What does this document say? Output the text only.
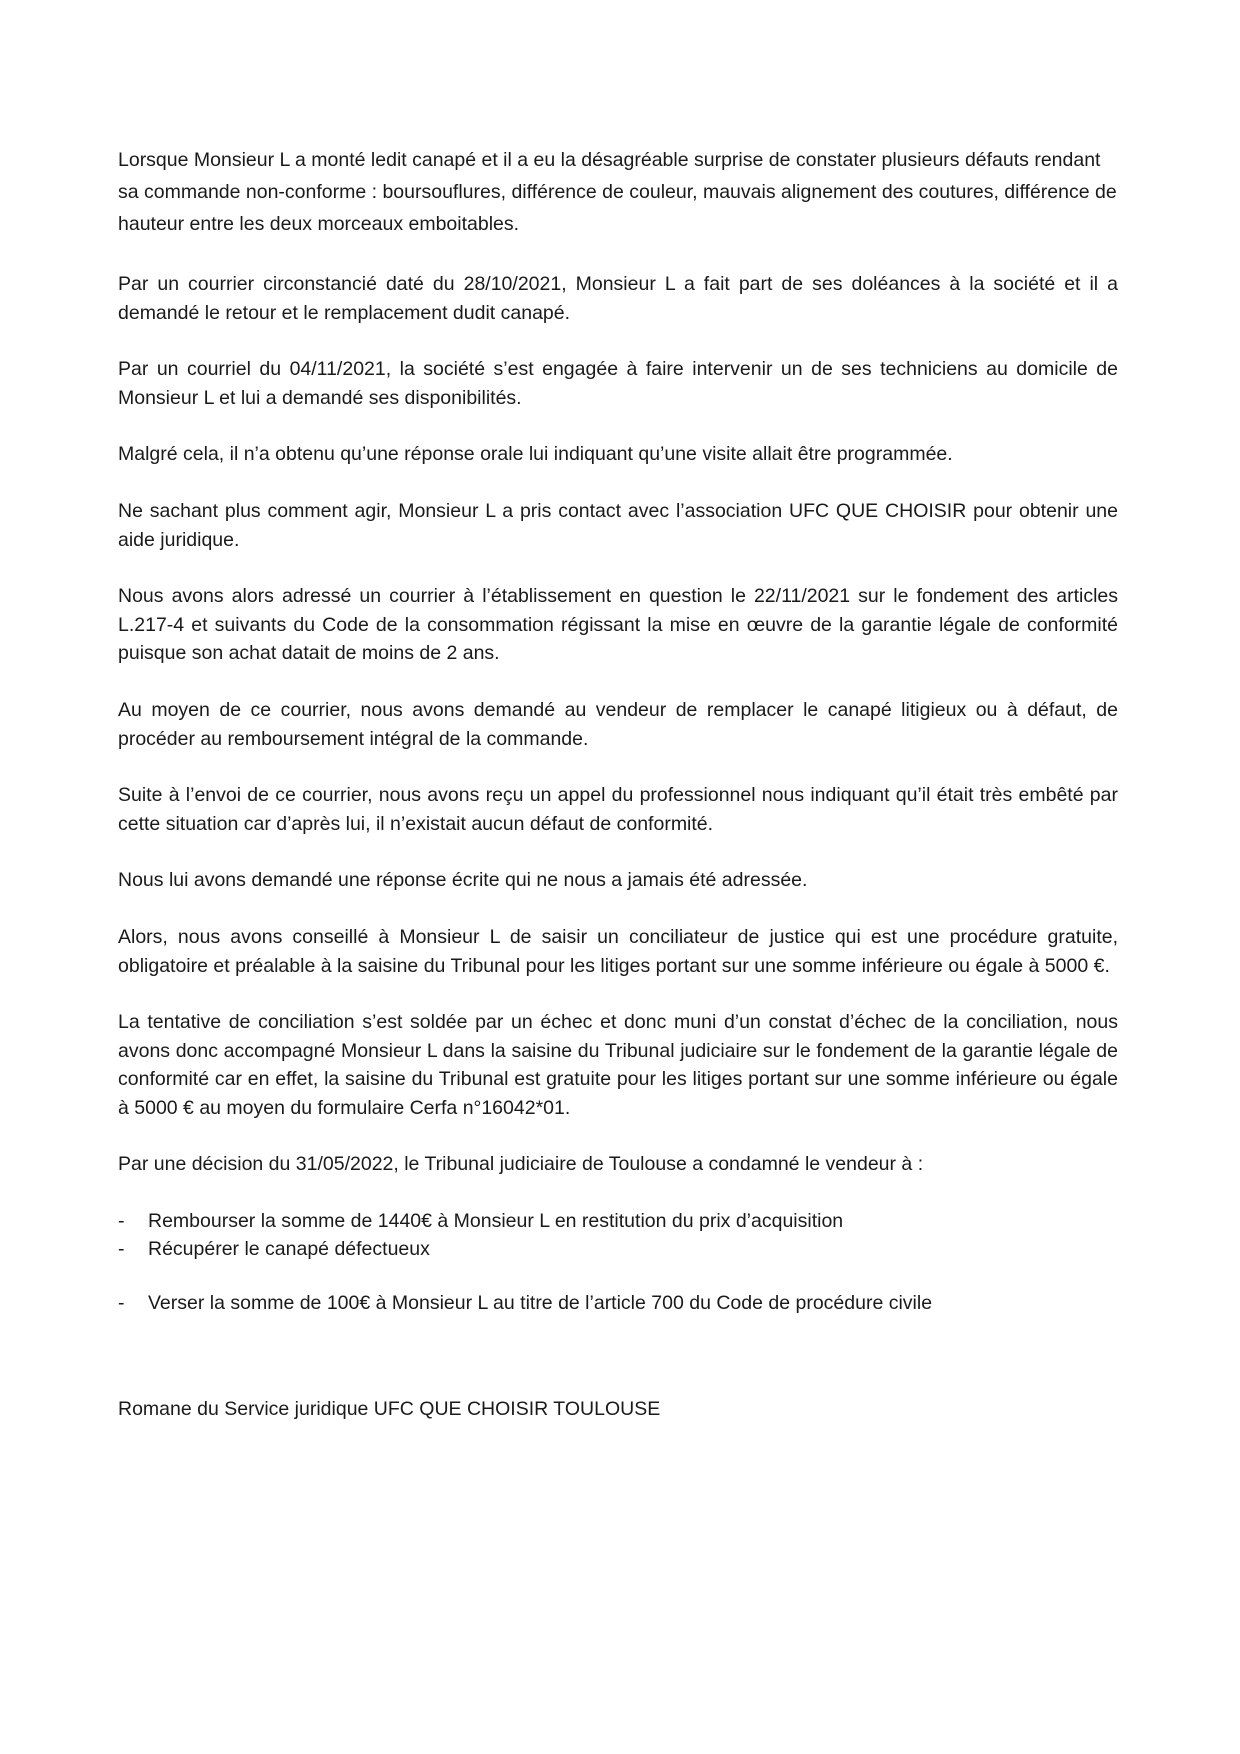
Lorsque Monsieur L a monté ledit canapé et il a eu la désagréable surprise de constater plusieurs défauts rendant sa commande non-conforme : boursouflures, différence de couleur, mauvais alignement des coutures, différence de hauteur entre les deux morceaux emboitables.

Par un courrier circonstancié daté du 28/10/2021, Monsieur L a fait part de ses doléances à la société et il a demandé le retour et le remplacement dudit canapé.

Par un courriel du 04/11/2021, la société s’est engagée à faire intervenir un de ses techniciens au domicile de Monsieur L et lui a demandé ses disponibilités.

Malgré cela, il n’a obtenu qu’une réponse orale lui indiquant qu’une visite allait être programmée.

Ne sachant plus comment agir, Monsieur L a pris contact avec l’association UFC QUE CHOISIR pour obtenir une aide juridique.

Nous avons alors adressé un courrier à l’établissement en question le 22/11/2021 sur le fondement des articles L.217-4 et suivants du Code de la consommation régissant la mise en œuvre de la garantie légale de conformité puisque son achat datait de moins de 2 ans.

Au moyen de ce courrier, nous avons demandé au vendeur de remplacer le canapé litigieux ou à défaut, de procéder au remboursement intégral de la commande.

Suite à l’envoi de ce courrier, nous avons reçu un appel du professionnel nous indiquant qu’il était très embêté par cette situation car d’après lui, il n’existait aucun défaut de conformité.

Nous lui avons demandé une réponse écrite qui ne nous a jamais été adressée.

Alors, nous avons conseillé à Monsieur L de saisir un conciliateur de justice qui est une procédure gratuite, obligatoire et préalable à la saisine du Tribunal pour les litiges portant sur une somme inférieure ou égale à 5000 €.

La tentative de conciliation s’est soldée par un échec et donc muni d’un constat d’échec de la conciliation, nous avons donc accompagné Monsieur L dans la saisine du Tribunal judiciaire sur le fondement de la garantie légale de conformité car en effet, la saisine du Tribunal est gratuite pour les litiges portant sur une somme inférieure ou égale à 5000 € au moyen du formulaire Cerfa n°16042*01.

Par une décision du 31/05/2022, le Tribunal judiciaire de Toulouse a condamné le vendeur à :

- Rembourser la somme de 1440€ à Monsieur L en restitution du prix d’acquisition
- Récupérer le canapé défectueux
- Verser la somme de 100€ à Monsieur L au titre de l’article 700 du Code de procédure civile

Romane du Service juridique UFC QUE CHOISIR TOULOUSE
